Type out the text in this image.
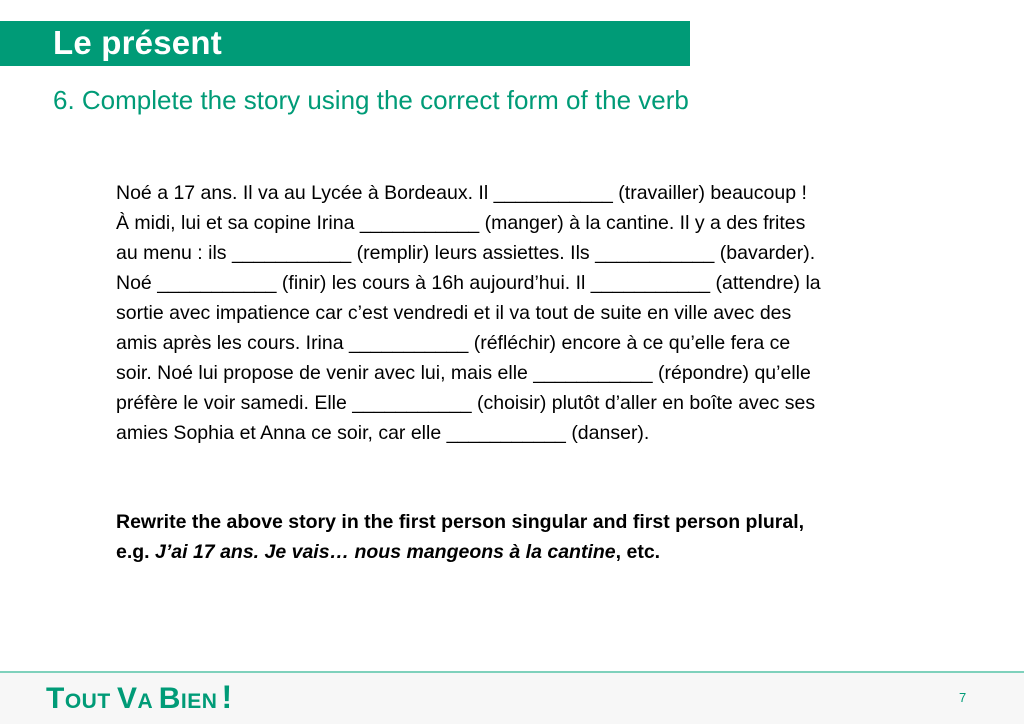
Le présent
6. Complete the story using the correct form of the verb
Noé a 17 ans. Il va au Lycée à Bordeaux. Il ___________ (travailler) beaucoup !
À midi, lui et sa copine Irina ___________ (manger) à la cantine. Il y a des frites
au menu : ils ___________ (remplir) leurs assiettes. Ils ___________ (bavarder).
Noé ___________ (finir) les cours à 16h aujourd’hui. Il ___________ (attendre) la
sortie avec impatience car c’est vendredi et il va tout de suite en ville avec des
amis après les cours. Irina ___________ (réfléchir) encore à ce qu’elle fera ce
soir. Noé lui propose de venir avec lui, mais elle ___________ (répondre) qu’elle
préfère le voir samedi. Elle ___________ (choisir) plutôt d’aller en boîte avec ses
amies Sophia et Anna ce soir, car elle ___________ (danser).
Rewrite the above story in the first person singular and first person plural,
e.g. J’ai 17 ans. Je vais… nous mangeons à la cantine, etc.
TOUT VA BIEN !	7
